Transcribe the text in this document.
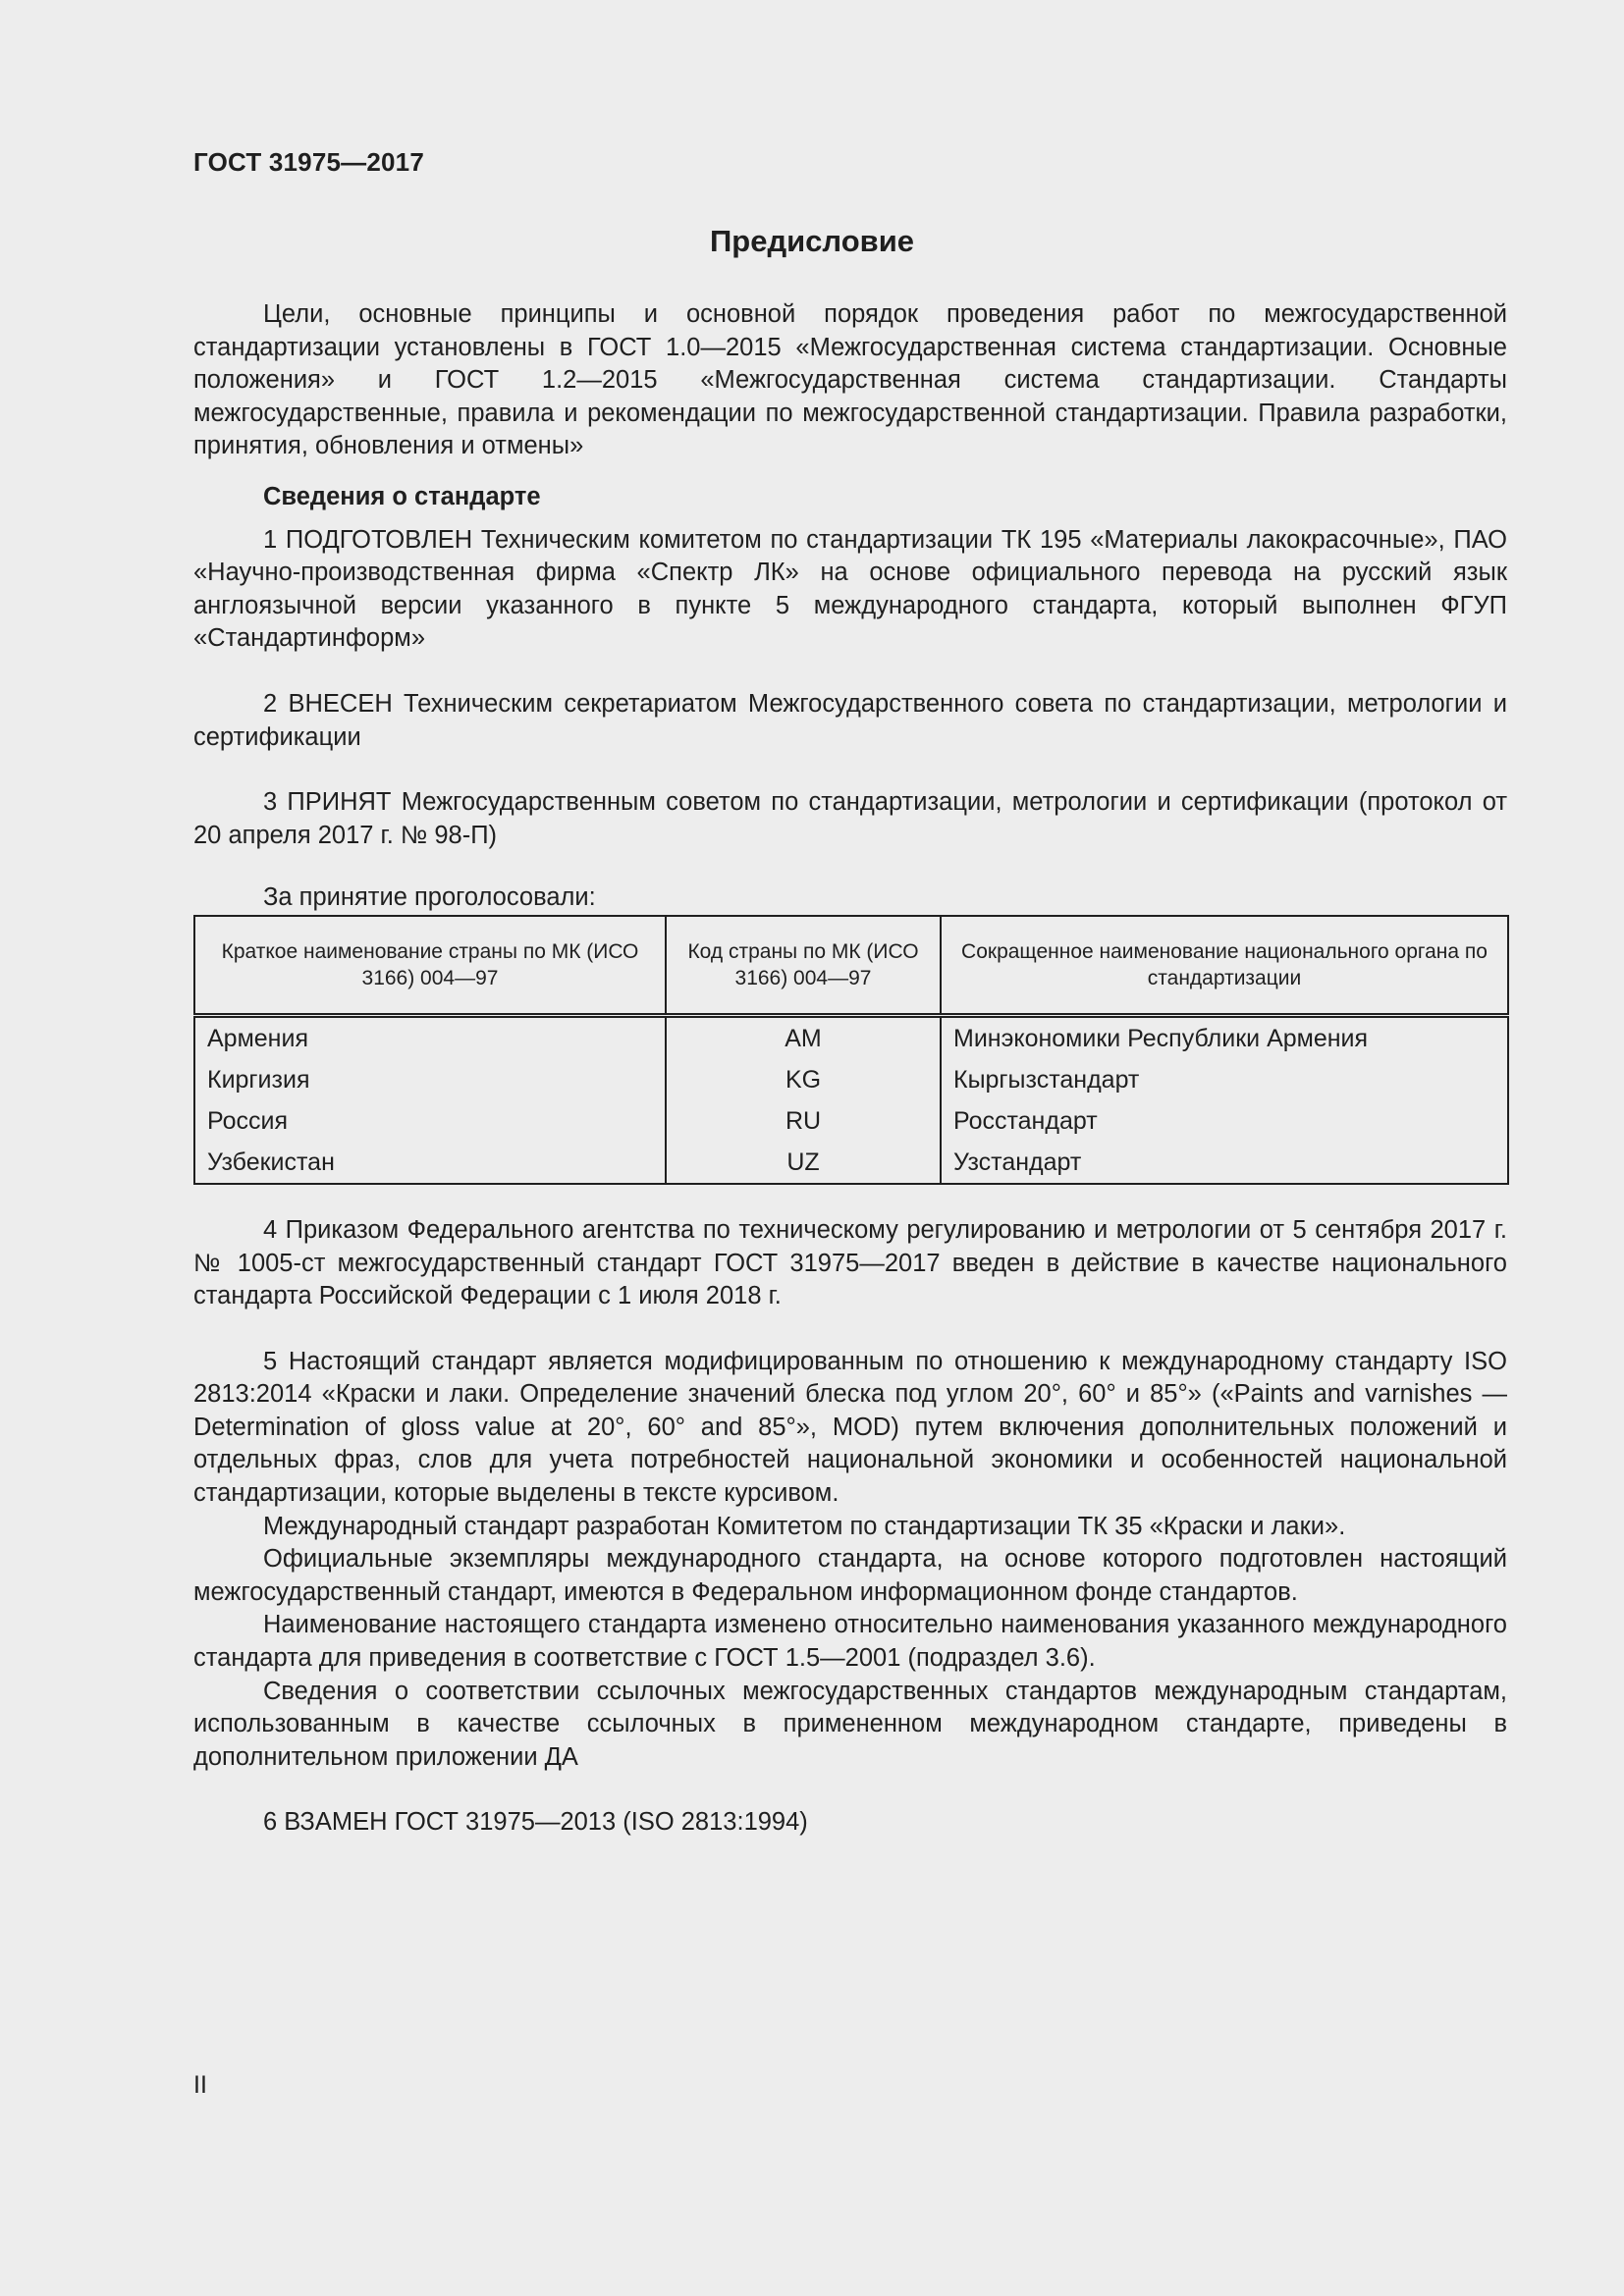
ГОСТ 31975—2017
Предисловие

Цели, основные принципы и основной порядок проведения работ по межгосударственной стандартизации установлены в ГОСТ 1.0—2015 «Межгосударственная система стандартизации. Основные положения» и ГОСТ 1.2—2015 «Межгосударственная система стандартизации. Стандарты межгосударственные, правила и рекомендации по межгосударственной стандартизации. Правила разработки, принятия, обновления и отмены»

Сведения о стандарте

1 ПОДГОТОВЛЕН Техническим комитетом по стандартизации ТК 195 «Материалы лакокрасочные», ПАО «Научно-производственная фирма «Спектр ЛК» на основе официального перевода на русский язык англоязычной версии указанного в пункте 5 международного стандарта, который выполнен ФГУП «Стандартинформ»

2 ВНЕСЕН Техническим секретариатом Межгосударственного совета по стандартизации, метрологии и сертификации

3 ПРИНЯТ Межгосударственным советом по стандартизации, метрологии и сертификации (протокол от 20 апреля 2017 г. № 98-П)

За принятие проголосовали:

Краткое наименование страны по МК (ИСО 3166) 004—97	Код страны по МК (ИСО 3166) 004—97	Сокращенное наименование национального органа по стандартизации
Армения	AM	Минэкономики Республики Армения
Киргизия	KG	Кыргызстандарт
Россия	RU	Росстандарт
Узбекистан	UZ	Узстандарт

4 Приказом Федерального агентства по техническому регулированию и метрологии от 5 сентября 2017 г. № 1005-ст межгосударственный стандарт ГОСТ 31975—2017 введен в действие в качестве национального стандарта Российской Федерации с 1 июля 2018 г.

5 Настоящий стандарт является модифицированным по отношению к международному стандарту ISO 2813:2014 «Краски и лаки. Определение значений блеска под углом 20°, 60° и 85°» («Paints and varnishes — Determination of gloss value at 20°, 60° and 85°», MOD) путем включения дополнительных положений и отдельных фраз, слов для учета потребностей национальной экономики и особенностей национальной стандартизации, которые выделены в тексте курсивом.

Международный стандарт разработан Комитетом по стандартизации ТК 35 «Краски и лаки».

Официальные экземпляры международного стандарта, на основе которого подготовлен настоящий межгосударственный стандарт, имеются в Федеральном информационном фонде стандартов.

Наименование настоящего стандарта изменено относительно наименования указанного международного стандарта для приведения в соответствие с ГОСТ 1.5—2001 (подраздел 3.6).

Сведения о соответствии ссылочных межгосударственных стандартов международным стандартам, использованным в качестве ссылочных в примененном международном стандарте, приведены в дополнительном приложении ДА

6 ВЗАМЕН ГОСТ 31975—2013 (ISO 2813:1994)

II
